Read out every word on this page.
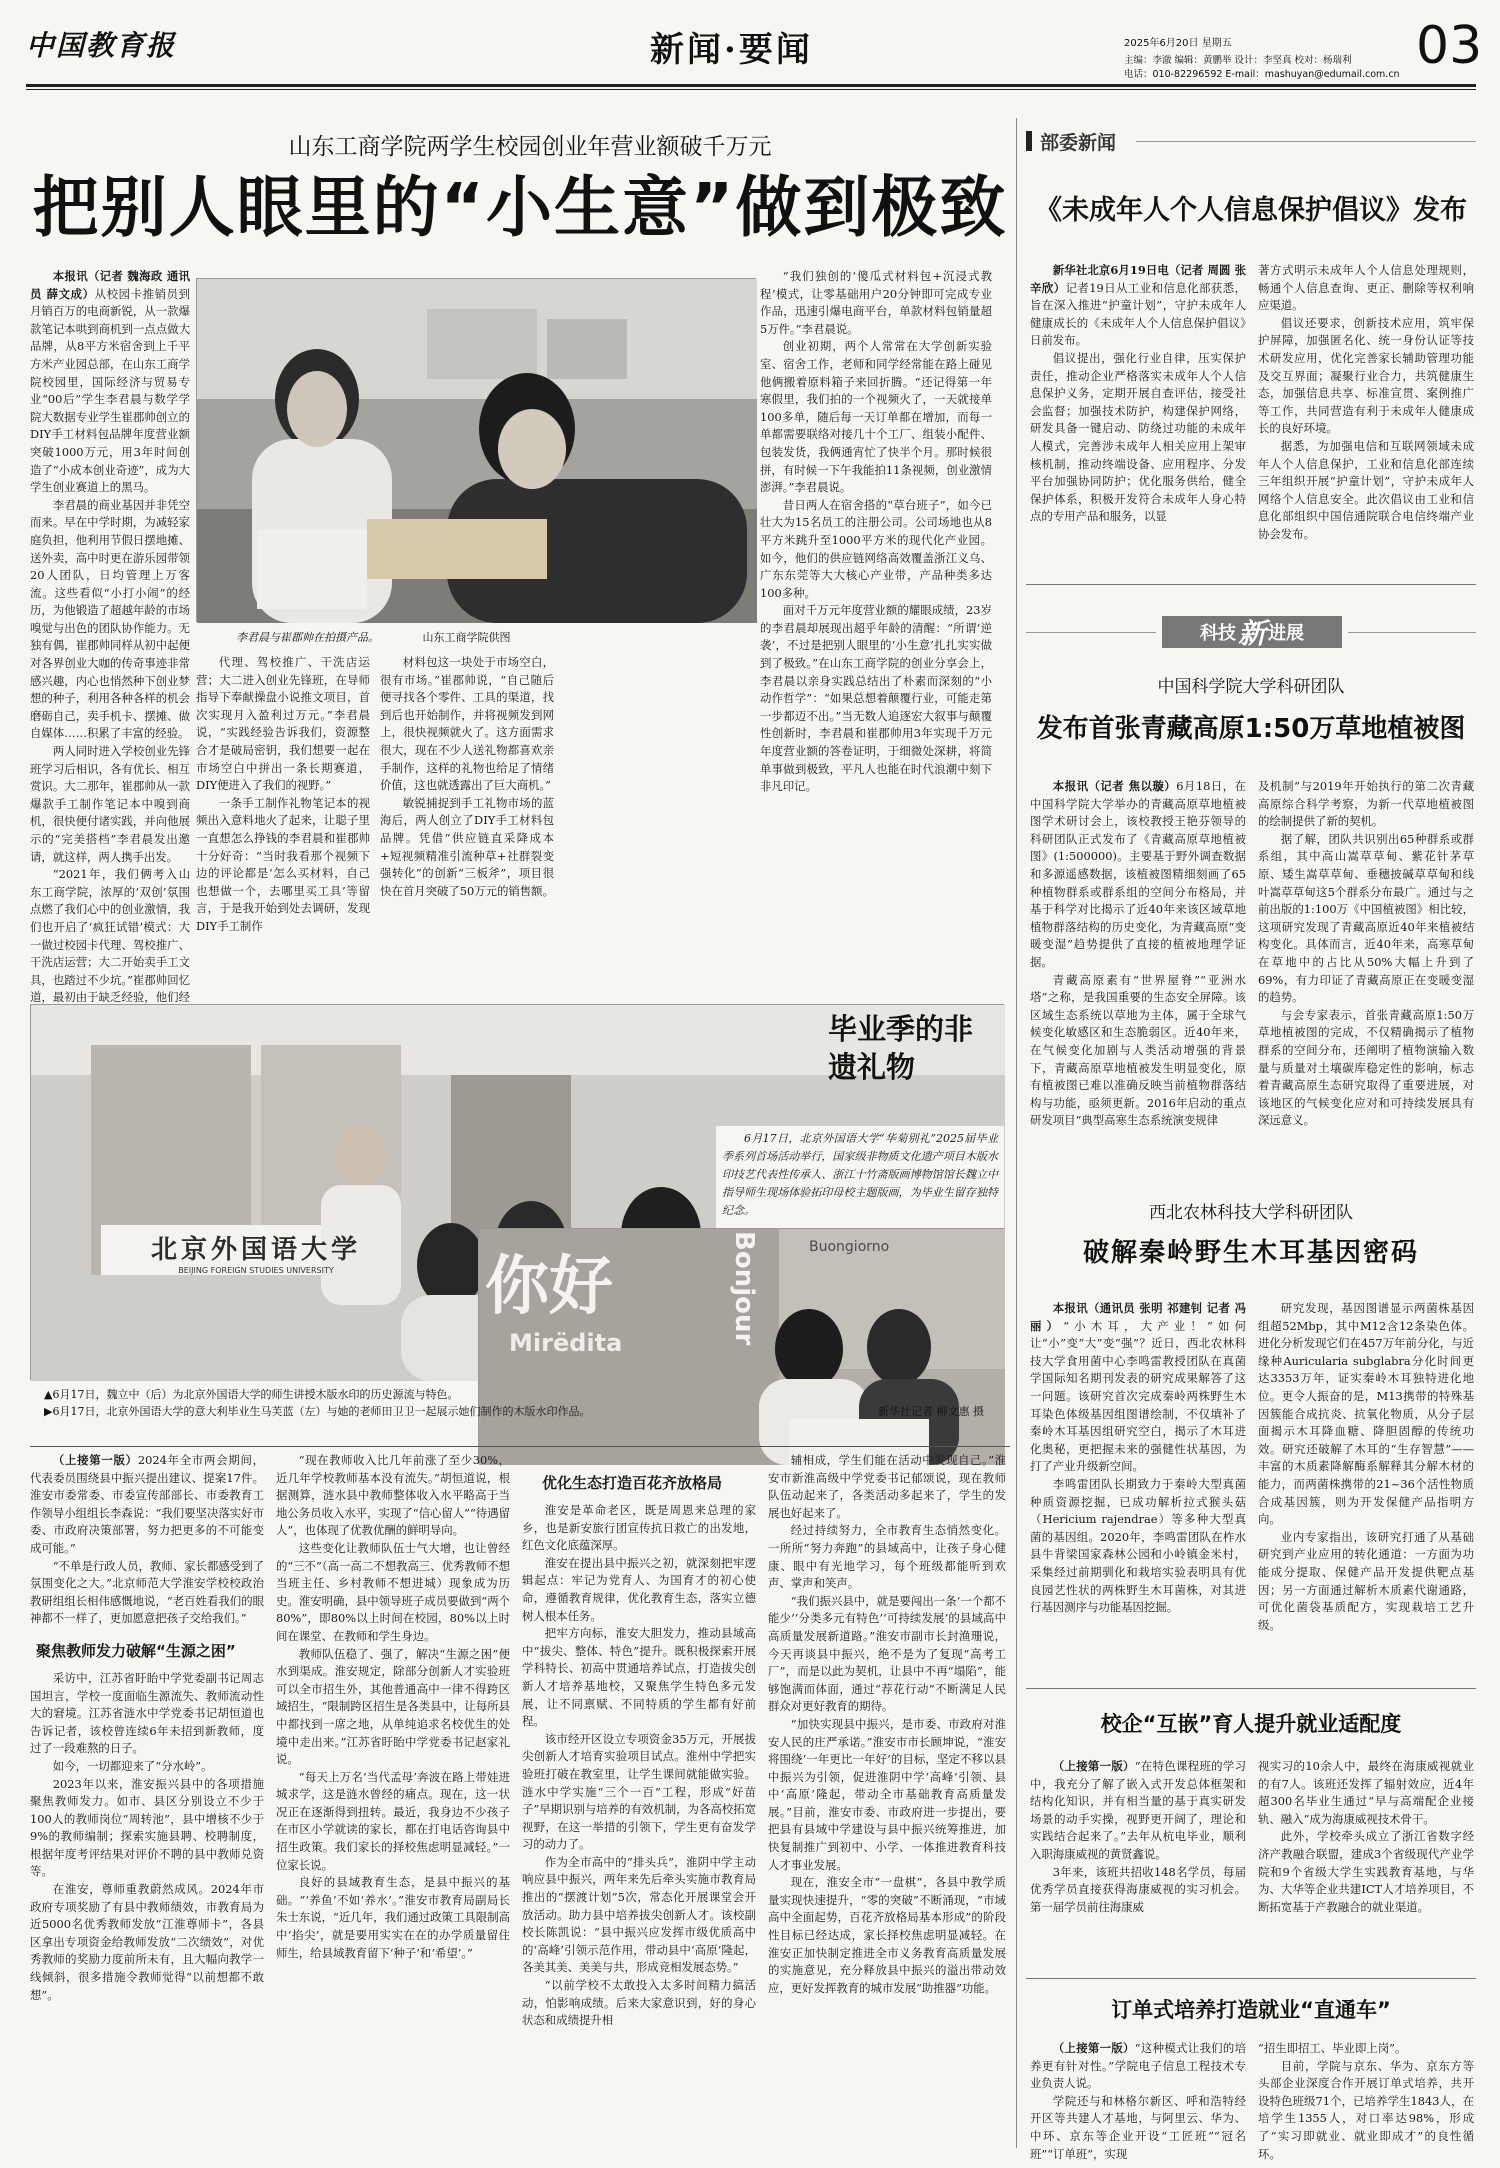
中国教育报	新闻·要闻	2025年6月20日 星期五
主编：李澈 编辑：黄鹏举 设计：李坚真 校对：杨瑞利
电话：010-82296592 E-mail：mashuyan@edumail.com.cn 03
山东工商学院两学生校园创业年营业额破千万元
把别人眼里的“小生意”做到极致

本报讯（记者 魏海政 通讯员 薛文成）从校园卡推销员到月销百万的电商新锐，从一款爆款笔记本哄到商机到一点点做大品牌，从8平方米宿舍到上千平方米产业园总部，在山东工商学院校园里，国际经济与贸易专业“00后”学生李君晨与数学学院大数据专业学生崔郡帅创立的DIY手工材料包品牌年度营业额突破1000万元，用3年时间创造了“小成本创业奇迹”，成为大学生创业赛道上的黑马。

李君晨的商业基因并非凭空而来。早在中学时期，为减轻家庭负担，他利用节假日摆地摊、送外卖，高中时更在游乐园带领20人团队，日均管理上万客流。这些看似“小打小闹”的经历，为他锻造了超越年龄的市场嗅觉与出色的团队协作能力。无独有偶，崔郡帅同样从初中起便对各界创业大咖的传奇事迹非常感兴趣，内心也悄然种下创业梦想的种子，利用各种各样的机会磨砺自己，卖手机卡、摆摊、做自媒体……积累了丰富的经验。

两人同时进入学校创业先锋班学习后相识，各有优长、相互赏识。大二那年，崔郡帅从一款爆款手工制作笔记本中嗅到商机，很快便付诸实践，并向他展示的“完美搭档”李君晨发出邀请，就这样，两人携手出发。

“2021年，我们俩考入山东工商学院，浓厚的‘双创’氛围点燃了我们心中的创业激情，我们也开启了‘疯狂试错’模式：大一做过校园卡代理、驾校推广、干洗店运营；大二开始卖手工文具，也踏过不少坑。”崔郡帅回忆道，最初由于缺乏经验，他们经

李君晨与崔郡帅在拍摄产品。	山东工商学院供图

代理、驾校推广、干洗店运营；大二进入创业先锋班，在导师指导下奉献操盘小说推文项目，首次实现月入盈利过万元。”李君晨说，“实践经验告诉我们，资源整合才是破局密钥，我们想要一起在市场空白中拼出一条长期赛道，DIY便进入了我们的视野。”

一条手工制作礼物笔记本的视频出入意料地火了起来，让聪子里一直想怎么挣钱的李君晨和崔郡帅十分好奇：“当时我看那个视频下边的评论都是‘怎么买材料，自己也想做一个，去哪里买工具’等留言，于是我开始到处去调研，发现DIY手工制作

材料包这一块处于市场空白，很有市场。”崔郡帅说，“自己随后便寻找各个零件、工具的渠道，找到后也开始制作，并将视频发到网上，很快视频就火了。这方面需求很大，现在不少人送礼物都喜欢亲手制作，这样的礼物也给足了情绪价值，这也就透露出了巨大商机。”

敏锐捕捉到手工礼物市场的蓝海后，两人创立了DIY手工材料包品牌。凭借“供应链直采降成本+短视频精准引流种草+社群裂变强转化”的创新“三板斧”，项目很快在首月突破了50万元的销售额。

“我们独创的‘傻瓜式材料包+沉浸式教程’模式，让零基础用户20分钟即可完成专业作品，迅速引爆电商平台，单款材料包销量超5万件。”李君晨说。

创业初期，两个人常常在大学创新实验室、宿舍工作，老师和同学经常能在路上碰见他俩搬着原料箱子来回折腾。“还记得第一年寒假里，我们拍的一个视频火了，一天就接单100多单，随后每一天订单都在增加，而每一单都需要联络对接几十个工厂、组装小配件、包装发货，我俩通宵忙了快半个月。那时候很拼，有时候一下午我能拍11条视频，创业激情澎湃。”李君晨说。

昔日两人在宿舍搭的“草台班子”，如今已壮大为15名员工的注册公司。公司场地也从8平方米跳升至1000平方米的现代化产业园。如今，他们的供应链网络高效覆盖浙江义乌、广东东莞等大大核心产业带，产品种类多达100多种。

面对千万元年度营业额的耀眼成绩，23岁的李君晨却展现出超乎年龄的清醒：“所谓‘逆袭’，不过是把别人眼里的‘小生意’扎扎实实做到了极致。”在山东工商学院的创业分享会上，李君晨以亲身实践总结出了朴素而深刻的“小动作哲学”：“如果总想着颠覆行业，可能走第一步都迈不出。”当无数人追逐宏大叙事与颠覆性创新时，李君晨和崔郡帅用3年实现千万元年度营业额的答卷证明，于细微处深耕，将简单事做到极致，平凡人也能在时代浪潮中刻下非凡印记。

北京外国语大学
BEIJING FOREIGN STUDIES UNIVERSITY
毕业季的非遗礼物

6月17日，北京外国语大学“华菊别礼”2025届毕业季系列首场活动举行，国家级非物质文化遗产项目木版水印技艺代表性传承人、浙江十竹斋版画博物馆馆长魏立中指导师生现场体验拓印母校主题版画，为毕业生留存独特纪念。

你好	Bonjour
Mirëdita
Buongiorno
▲6月17日，魏立中（后）为北京外国语大学的师生讲授木版水印的历史源流与特色。
▶6月17日，北京外国语大学的意大利毕业生马芙蓝（左）与她的老师田卫卫一起展示她们制作的木版水印作品。	新华社记者 柳文惠 摄

（上接第一版）2024年全市两会期间，代表委员围绕县中振兴提出建议、提案17件。淮安市委常委、市委宣传部部长、市委教育工作领导小组组长李森说：“我们要坚决落实好市委、市政府决策部署，努力把更多的不可能变成可能。”

“不单是行政人员，教师、家长都感受到了氛围变化之大。”北京师范大学淮安学校校政治教研组组长相伟感慨地说，“老百姓看我们的眼神都不一样了，更加愿意把孩子交给我们。”

聚焦教师发力破解“生源之困”

采访中，江苏省盱眙中学党委副书记周志国坦言，学校一度面临生源流失、教师流动性大的窘境。江苏省涟水中学党委书记胡恒道也告诉记者，该校曾连续6年未招到新教师，度过了一段难熬的日子。

如今，一切都迎来了“分水岭”。

2023年以来，淮安振兴县中的各项措施聚焦教师发力。如市、县区分别设立不少于100人的教师岗位“周转池”，县中增核不少于9%的教师编制；探索实施县聘、校聘制度，根据年度考评结果对评价不聘的县中教师兑资等。

在淮安，尊师重教蔚然成风。2024年市政府专项奖励了有县中教师绩效，市教育局为近5000名优秀教师发放“江淮尊师卡”，各县区拿出专项资金给教师发放“二次绩效”，对优秀教师的奖励力度前所未有，且大幅向教学一线倾斜，很多措施令教师觉得“以前想都不敢想”。

“现在教师收入比几年前涨了至少30%，近几年学校教师基本没有流失。”胡恒道说，根据测算，涟水县中教师整体收入水平略高于当地公务员收入水平，实现了“信心留人”“待遇留人”，也体现了优教优酬的鲜明导向。

这些变化让教师队伍士气大增，也让曾经的“三不”（高一高二不想教高三、优秀教师不想当班主任、乡村教师不想进城）现象成为历史。淮安明确，县中领导班子成员要做到“两个80%”，即80%以上时间在校园，80%以上时间在课堂、在教师和学生身边。

教师队伍稳了、强了，解决“生源之困”便水到渠成。淮安规定，除部分创新人才实验班可以全市招生外，其他普通高中一律不得跨区域招生，“限制跨区招生是各类县中，让每所县中都找到一席之地，从单纯追求名校优生的处境中走出来。”江苏省盱眙中学党委书记赵家礼说。

“每天上万名‘当代孟母’奔波在路上带娃进城求学，这是涟水曾经的痛点。现在，这一状况正在逐渐得到扭转。最近，我身边不少孩子在市区小学就读的家长，都在打电话咨询县中招生政策。我们家长的择校焦虑明显减轻。”一位家长说。

良好的县域教育生态，是县中振兴的基础。“‘养鱼’不如‘养水’。”淮安市教育局副局长朱士东说，“近几年，我们通过政策工具限制高中‘掐尖’，就是要用实实在在的办学质量留住师生，给县域教育留下‘种子’和‘希望’。”

优化生态打造百花齐放格局

淮安是革命老区，既是周恩来总理的家乡，也是新安旅行团宣传抗日救亡的出发地，红色文化底蕴深厚。

淮安在提出县中振兴之初，就深刻把牢逻辑起点：牢记为党育人、为国育才的初心使命，遵循教育规律，优化教育生态，落实立德树人根本任务。

把牢方向标，淮安大胆发力，推动县域高中“拔尖、整体、特色”提升。既积极探索开展学科特长、初高中贯通培养试点，打造拔尖创新人才培养基地校，又聚焦学生特色多元发展，让不同禀赋、不同特质的学生都有好前程。

该市经开区设立专项资金35万元，开展拔尖创新人才培育实验项目试点。淮州中学把实验班打破在教室里，让学生课间就能做实验。涟水中学实施“三个一百”工程，形成“好苗子”早期识别与培养的有效机制，为各高校拓宽视野，在这一举措的引领下，学生更有奋发学习的动力了。

作为全市高中的“排头兵”，淮阴中学主动响应县中振兴，两年来先后牵头实施市教育局推出的“摆渡计划”5次，常态化开展课堂会开放活动。助力县中培养拔尖创新人才。该校副校长陈凯说：“县中振兴应发挥市级优质高中的‘高峰’引领示范作用，带动县中‘高原’隆起，各美其美、美美与共，形成竞相发展态势。”

“以前学校不太敢投入太多时间精力搞活动，怕影响成绩。后来大家意识到，好的身心状态和成绩提升相

辅相成，学生们能在活动中发现自己。”淮安市新淮高级中学党委书记郁颂说，现在教师队伍动起来了，各类活动多起来了，学生的发展也好起来了。

经过持续努力，全市教育生态悄然变化。一所所“努力奔跑”的县域高中，让孩子身心健康、眼中有光地学习，每个班级都能听到欢声、掌声和笑声。

“我们振兴县中，就是要闯出一条‘一个都不能少’‘分类多元有特色’‘可持续发展’的县域高中高质量发展新道路。”淮安市副市长封渔珊说，今天再谈县中振兴，绝不是为了复现“高考工厂”，而是以此为契机，让县中不再“塌陷”，能够饱满而体面，通过“荐花行动”不断满足人民群众对更好教育的期待。

“加快实现县中振兴，是市委、市政府对淮安人民的庄严承诺。”淮安市市长顾坤说，“淮安将围绕‘一年更比一年好’的目标，坚定不移以县中振兴为引领，促进淮阴中学‘高峰’引领、县中‘高原’隆起，带动全市基础教育高质量发展。”目前，淮安市委、市政府进一步提出，要把县有县域中学建设与县中振兴统筹推进，加快复制推广到初中、小学、一体推进教育科技人才事业发展。

现在，淮安全市“一盘棋”，各县中教学质量实现快速提升，“零的突破”不断涌现，“市域高中全面起势，百花齐放格局基本形成”的阶段性目标已经达成，家长择校焦虑明显减轻。在淮安正加快制定推进全市义务教育高质量发展的实施意见，充分释放县中振兴的溢出带动效应，更好发挥教育的城市发展“助推器”功能。

部委新闻
《未成年人个人信息保护倡议》发布

新华社北京6月19日电（记者 周圆 张辛欣）记者19日从工业和信息化部获悉，旨在深入推进“护童计划”，守护未成年人健康成长的《未成年人个人信息保护倡议》日前发布。

倡议提出，强化行业自律，压实保护责任，推动企业严格落实未成年人个人信息保护义务，定期开展自查评估，接受社会监督；加强技术防护，构建保护网络，研发具备一键启动、防绕过功能的未成年人模式，完善涉未成年人相关应用上架审核机制，推动终端设备、应用程序、分发平台加强协同防护；优化服务供给，健全保护体系，积极开发符合未成年人身心特点的专用产品和服务，以显

著方式明示未成年人个人信息处理规则，畅通个人信息查询、更正、删除等权利响应渠道。

倡议还要求，创新技术应用，筑牢保护屏障，加强匿名化、统一身份认证等技术研发应用，优化完善家长辅助管理功能及交互界面；凝聚行业合力，共筑健康生态，加强信息共享、标准宣贯、案例推广等工作，共同营造有利于未成年人健康成长的良好环境。

据悉，为加强电信和互联网领域未成年人个人信息保护，工业和信息化部连续三年组织开展“护童计划”，守护未成年人网络个人信息安全。此次倡议由工业和信息化部组织中国信通院联合电信终端产业协会发布。

科技 新 进展
中国科学院大学科研团队
发布首张青藏高原1:50万草地植被图

本报讯（记者 焦以璇）6月18日，在中国科学院大学举办的青藏高原草地植被图学术研讨会上，该校教授王艳芬领导的科研团队正式发布了《青藏高原草地植被图》(1:500000)。主要基于野外调查数据和多源遥感数据，该植被图精细刻画了65种植物群系或群系组的空间分布格局，并基于科学对比揭示了近40年来该区域草地植物群落结构的历史变化，为青藏高原“变暖变湿”趋势提供了直接的植被地理学证据。

青藏高原素有“世界屋脊”“亚洲水塔”之称，是我国重要的生态安全屏障。该区域生态系统以草地为主体，属于全球气候变化敏感区和生态脆弱区。近40年来，在气候变化加剧与人类活动增强的背景下，青藏高原草地植被发生明显变化，原有植被图已难以准确反映当前植物群落结构与功能，亟须更新。2016年启动的重点研发项目“典型高寒生态系统演变规律

及机制”与2019年开始执行的第二次青藏高原综合科学考察，为新一代草地植被图的绘制提供了新的契机。

据了解，团队共识别出65种群系或群系组，其中高山嵩草草甸、紫花针茅草原、矮生嵩草草甸、垂穗披碱草草甸和线叶嵩草草甸这5个群系分布最广。通过与之前出版的1:100万《中国植被图》相比较，这项研究发现了青藏高原近40年来植被结构变化。具体而言，近40年来，高寒草甸在草地中的占比从50%大幅上升到了69%，有力印证了青藏高原正在变暖变湿的趋势。

与会专家表示，首张青藏高原1:50万草地植被图的完成，不仅精确揭示了植物群系的空间分布，还阐明了植物演输入数量与质量对土壤碳库稳定性的影响，标志着青藏高原生态研究取得了重要进展，对该地区的气候变化应对和可持续发展具有深远意义。

西北农林科技大学科研团队
破解秦岭野生木耳基因密码

本报讯（通讯员 张明 祁建钊 记者 冯丽）“小木耳，大产业！”如何让“小”变“大”变“强”？近日，西北农林科技大学食用菌中心李鸣雷教授团队在真菌学国际知名期刊发表的研究成果解答了这一问题。该研究首次完成秦岭两株野生木耳染色体级基因组图谱绘制，不仅填补了秦岭木耳基因组研究空白，揭示了木耳进化奥秘，更把握未来的强健性状基因，为打了产业升级新空间。

李鸣雷团队长期致力于秦岭大型真菌种质资源挖掘，已成功解析拉式猴头菇（Hericium rajendrae）等多种大型真菌的基因组。2020年，李鸣雷团队在柞水县牛背梁国家森林公园和小岭镇金米村，采集经过前期驯化和栽培实验表明具有优良园艺性状的两株野生木耳菌株，对其进行基因测序与功能基因挖掘。

研究发现，基因图谱显示两菌株基因组超52Mbp，其中M12含12条染色体。进化分析发现它们在457万年前分化，与近缘种Auricularia subglabra分化时间更达3353万年，证实秦岭木耳独特进化地位。更令人振奋的是，M13携带的特殊基因簇能合成抗炎、抗氧化物质，从分子层面揭示木耳降血糖、降胆固醇的传统功效。研究还破解了木耳的“生存智慧”——丰富的木质素降解酶系解释其分解木材的能力，而两菌株携带的21~36个活性物质合成基因簇，则为开发保健产品指明方向。

业内专家指出，该研究打通了从基础研究到产业应用的转化通道：一方面为功能成分提取、保健产品开发提供靶点基因；另一方面通过解析木质素代谢通路，可优化菌袋基质配方，实现栽培工艺升级。

校企“互嵌”育人提升就业适配度

（上接第一版）“在特色课程班的学习中，我充分了解了嵌入式开发总体框架和结构化知识，并有相当量的基于真实研发场景的动手实操，视野更开阔了，理论和实践结合起来了。”去年从杭电毕业，顺利入职海康威视的黄贤鑫说。

3年来，该班共招收148名学员，每届优秀学员直接获得海康威视的实习机会。第一届学员前往海康威

视实习的10余人中，最终在海康威视就业的有7人。该班还发挥了辐射效应，近4年超300名毕业生通过“早与高端配企业接轨、融入”成为海康威视技术骨干。

此外，学校牵头成立了浙江省数字经济产教融合联盟，建成3个省级现代产业学院和9个省级大学生实践教育基地，与华为、大华等企业共建ICT人才培养项目，不断拓宽基于产教融合的就业渠道。

订单式培养打造就业“直通车”

（上接第一版）“这种模式让我们的培养更有针对性。”学院电子信息工程技术专业负责人说。

学院还与和林格尔新区、呼和浩特经开区等共建人才基地，与阿里云、华为、中环、京东等企业开设“工匠班”“冠名班”“订单班”，实现

“招生即招工、毕业即上岗”。

目前，学院与京东、华为、京东方等头部企业深度合作开展订单式培养，共开设特色班级71个，已培养学生1843人，在培学生1355人，对口率达98%，形成了“实习即就业、就业即成才”的良性循环。
